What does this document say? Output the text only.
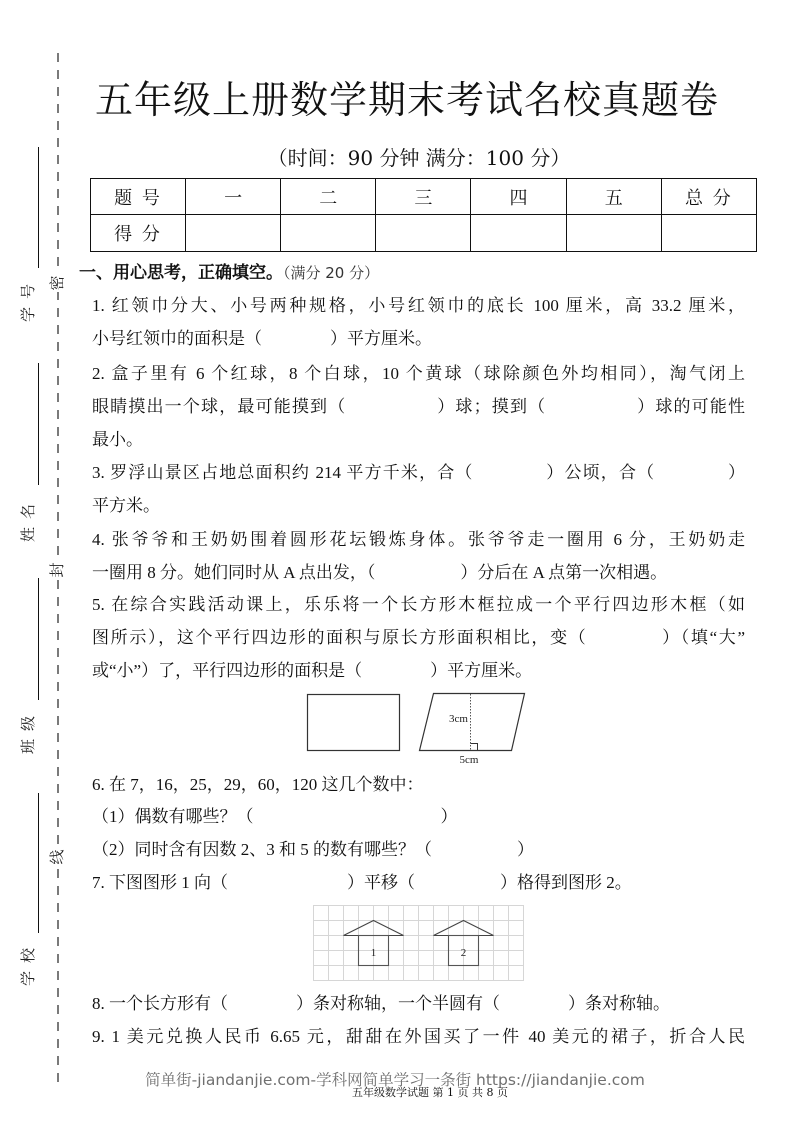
学号
姓名
班级
学校
密
封
线
五年级上册数学期末考试名校真题卷
（时间：90 分钟 满分：100 分）
题 号	一	二	三	四	五	总 分
得 分						
一、用心思考，正确填空。（满分 20 分）
1. 红领巾分大、小号两种规格，小号红领巾的底长 100 厘米，高 33.2 厘米，
小号红领巾的面积是（　　　　）平方厘米。
2. 盒子里有 6 个红球，8 个白球，10 个黄球（球除颜色外均相同），淘气闭上
眼睛摸出一个球，最可能摸到（　　　　　）球；摸到（　　　　　）球的可能性
最小。
3. 罗浮山景区占地总面积约 214 平方千米，合（　　　　）公顷，合（　　　　）
平方米。
4. 张爷爷和王奶奶围着圆形花坛锻炼身体。张爷爷走一圈用 6 分，王奶奶走
一圈用 8 分。她们同时从 A 点出发，（　　　　　）分后在 A 点第一次相遇。
5. 在综合实践活动课上，乐乐将一个长方形木框拉成一个平行四边形木框（如
图所示），这个平行四边形的面积与原长方形面积相比，变（　　　　）（填“大”
或“小”）了，平行四边形的面积是（　　　　）平方厘米。
3cm
5cm
6. 在 7，16，25，29，60，120 这几个数中：
（1）偶数有哪些？（　　　　　　　　　　　）
（2）同时含有因数 2、3 和 5 的数有哪些？（　　　　　）
7. 下图图形 1 向（　　　　　　　）平移（　　　　　）格得到图形 2。
1	2
8. 一个长方形有（　　　　）条对称轴，一个半圆有（　　　　）条对称轴。
9. 1 美元兑换人民币 6.65 元，甜甜在外国买了一件 40 美元的裙子，折合人民
简单街-jiandanjie.com-学科网简单学习一条街 https://jiandanjie.com
五年级数学试题 第 1 页 共 8 页
